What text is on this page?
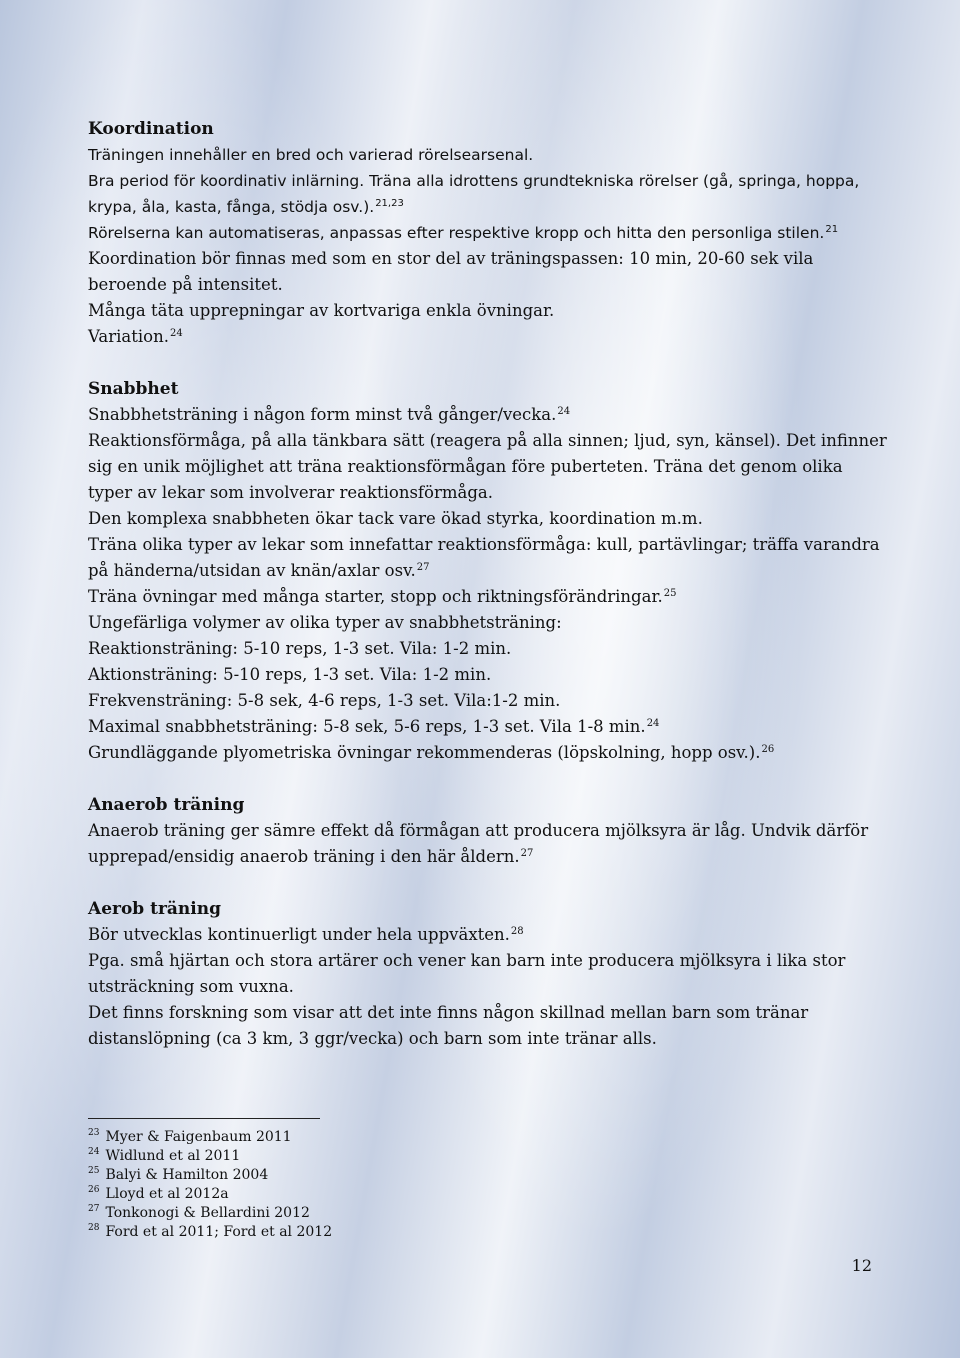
Koordination

Träningen innehåller en bred och varierad rörelsearsenal.

Bra period för koordinativ inlärning. Träna alla idrottens grundtekniska rörelser (gå, springa, hoppa, krypa, åla, kasta, fånga, stödja osv.).$^{21,23}$

Rörelserna kan automatiseras, anpassas efter respektive kropp och hitta den personliga stilen.$^{21}$

Koordination bör finnas med som en stor del av träningspassen: 10 min, 20-60 sek vila beroende på intensitet.

Många täta upprepningar av kortvariga enkla övningar.

Variation.$^{24}$

Snabbhet

Snabbhetsträning i någon form minst två gånger/vecka.$^{24}$

Reaktionsförmåga, på alla tänkbara sätt (reagera på alla sinnen; ljud, syn, känsel). Det infinner sig en unik möjlighet att träna reaktionsförmågan före puberteten. Träna det genom olika typer av lekar som involverar reaktionsförmåga.

Den komplexa snabbheten ökar tack vare ökad styrka, koordination m.m.

Träna olika typer av lekar som innefattar reaktionsförmåga: kull, partävlingar; träffa varandra på händerna/utsidan av knän/axlar osv.$^{27}$

Träna övningar med många starter, stopp och riktningsförändringar.$^{25}$

Ungefärliga volymer av olika typer av snabbhetsträning:

Reaktionsträning: 5-10 reps, 1-3 set. Vila: 1-2 min.

Aktionsträning: 5-10 reps, 1-3 set. Vila: 1-2 min.

Frekvensträning: 5-8 sek, 4-6 reps, 1-3 set. Vila:1-2 min.

Maximal snabbhetsträning: 5-8 sek, 5-6 reps, 1-3 set. Vila 1-8 min.$^{24}$

Grundläggande plyometriska övningar rekommenderas (löpskolning, hopp osv.).$^{26}$

Anaerob träning

Anaerob träning ger sämre effekt då förmågan att producera mjölksyra är låg. Undvik därför upprepad/ensidig anaerob träning i den här åldern.$^{27}$

Aerob träning

Bör utvecklas kontinuerligt under hela uppväxten.$^{28}$

Pga. små hjärtan och stora artärer och vener kan barn inte producera mjölksyra i lika stor utsträckning som vuxna.

Det finns forskning som visar att det inte finns någon skillnad mellan barn som tränar distanslöpning (ca 3 km, 3 ggr/vecka) och barn som inte tränar alls.

$^{23}$ Myer & Faigenbaum 2011
$^{24}$ Widlund et al 2011
$^{25}$ Balyi & Hamilton 2004
$^{26}$ Lloyd et al 2012a
$^{27}$ Tonkonogi & Bellardini 2012
$^{28}$ Ford et al 2011; Ford et al 2012
12
